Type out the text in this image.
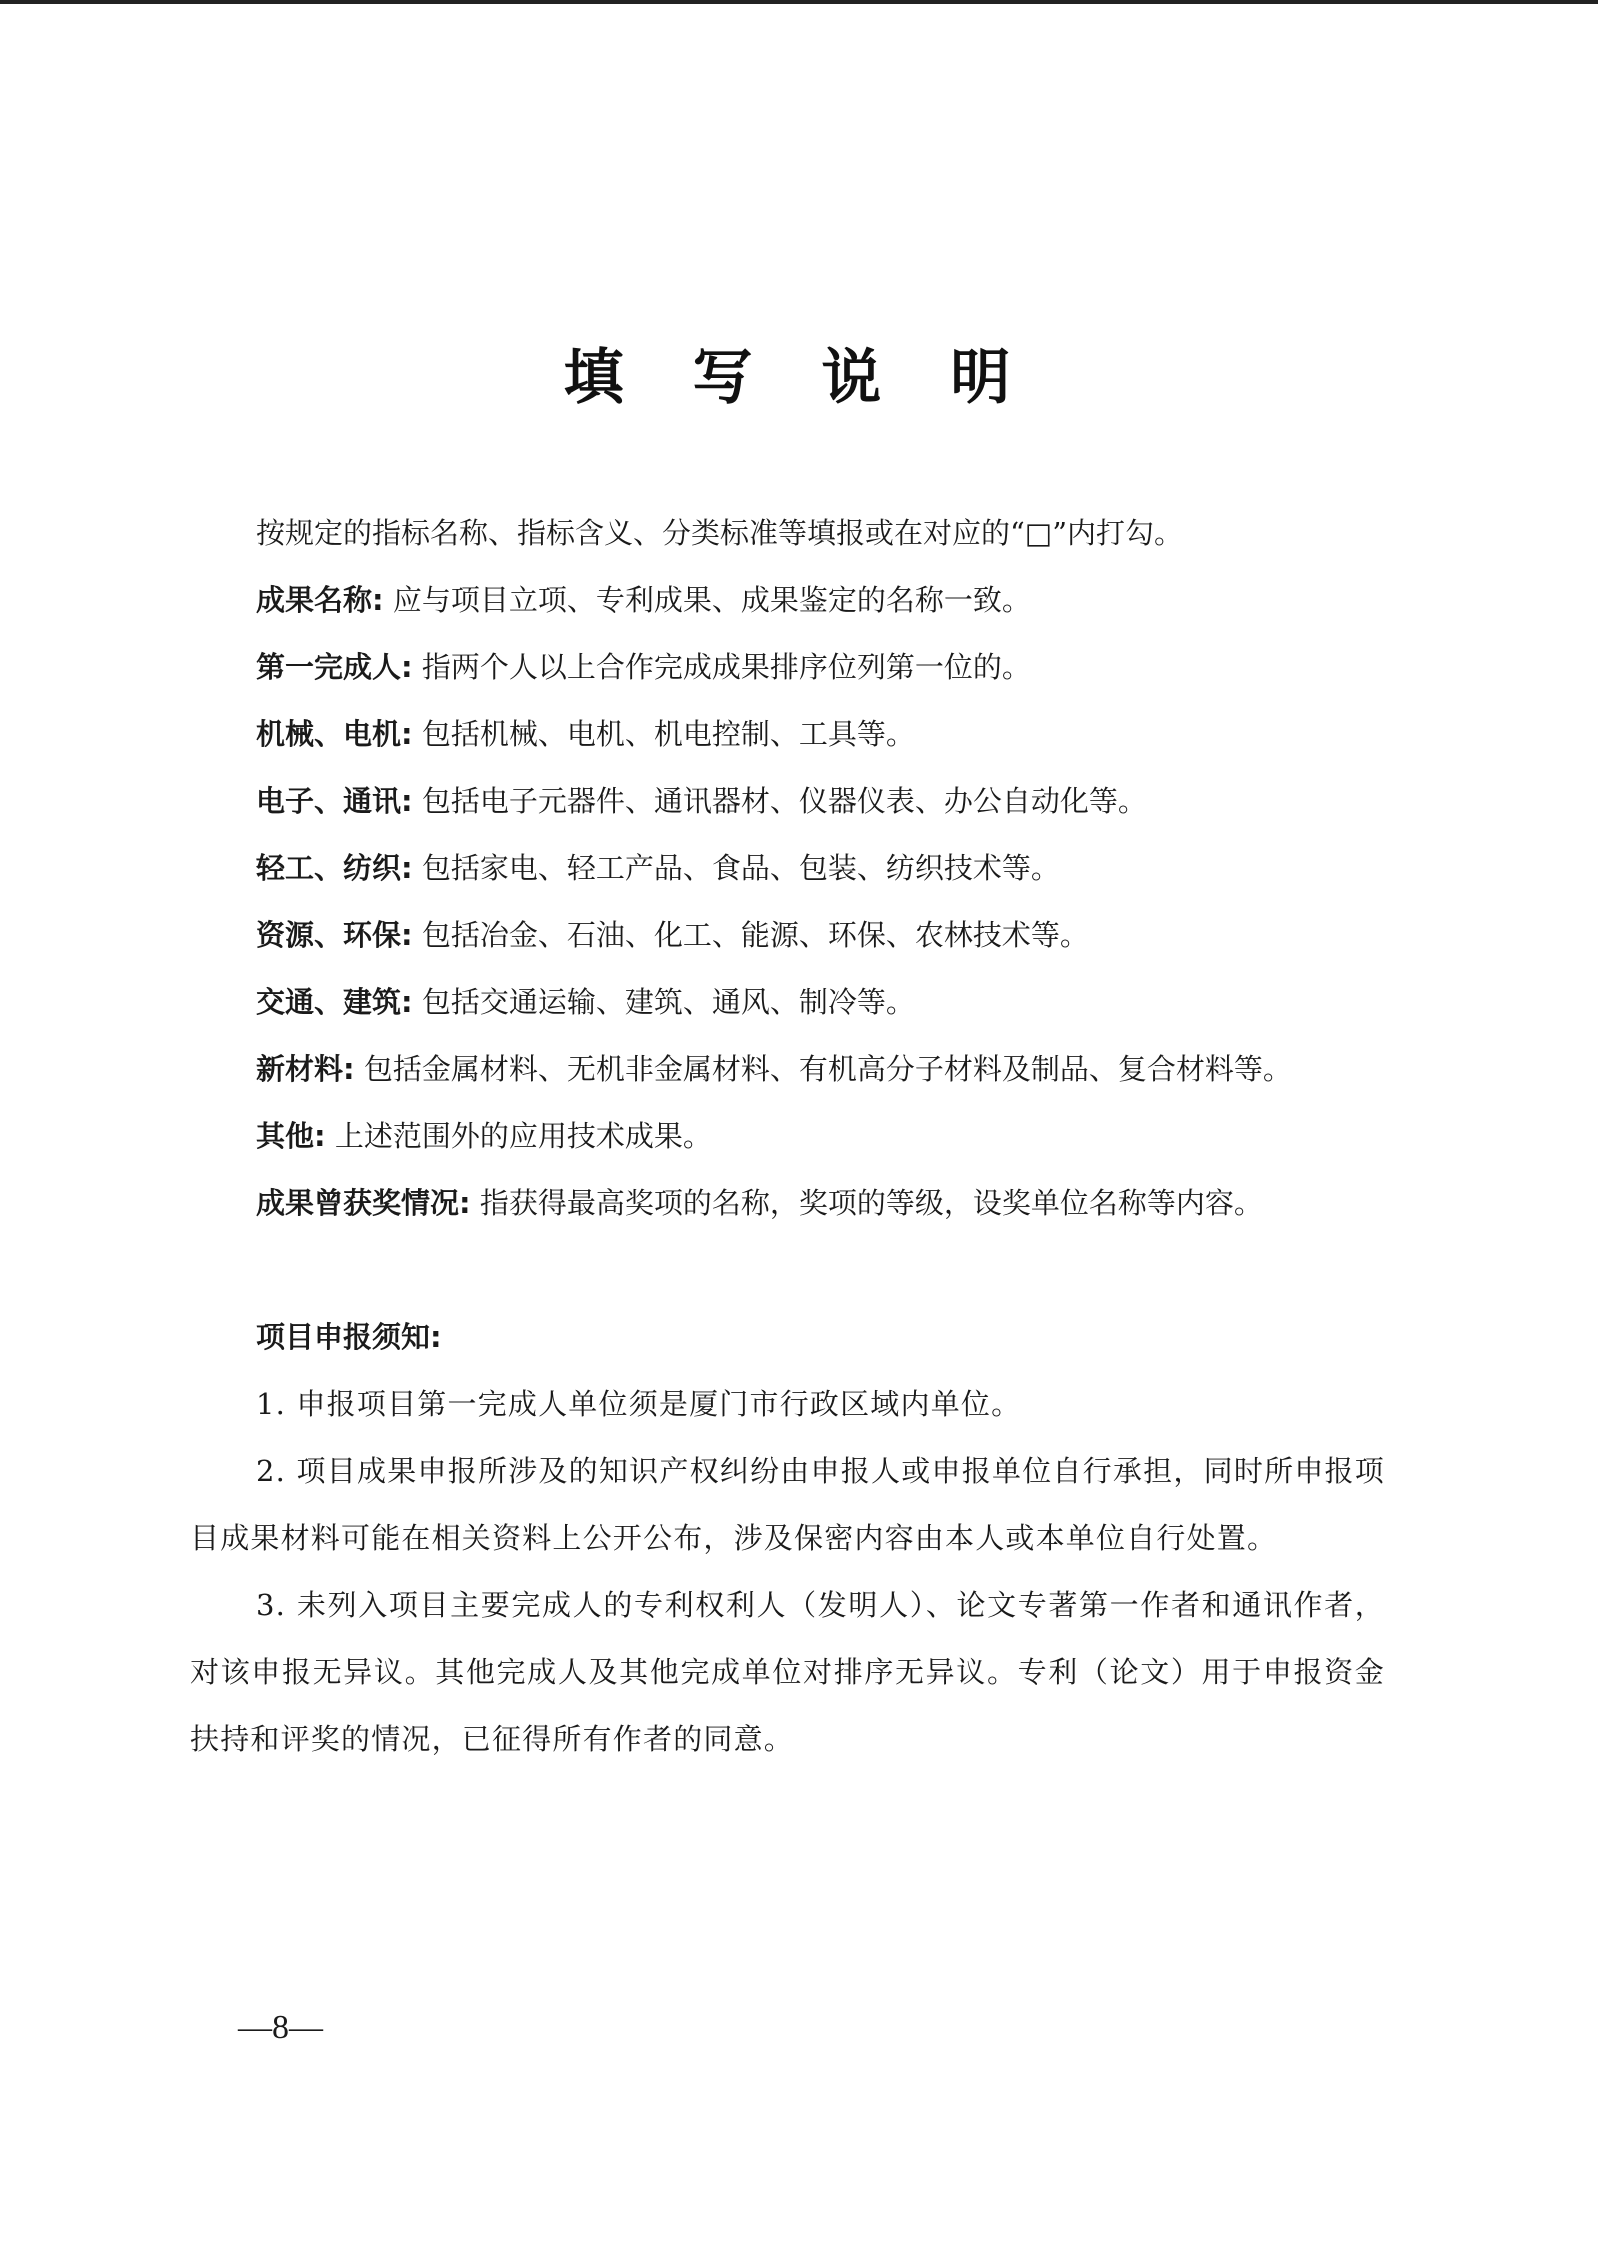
填 写 说 明

按规定的指标名称、指标含义、分类标准等填报或在对应的“□”内打勾。

成果名称: 应与项目立项、专利成果、成果鉴定的名称一致。

第一完成人: 指两个人以上合作完成成果排序位列第一位的。

机械、电机: 包括机械、电机、机电控制、工具等。

电子、通讯: 包括电子元器件、通讯器材、仪器仪表、办公自动化等。

轻工、纺织: 包括家电、轻工产品、食品、包装、纺织技术等。

资源、环保: 包括冶金、石油、化工、能源、环保、农林技术等。

交通、建筑: 包括交通运输、建筑、通风、制冷等。

新材料: 包括金属材料、无机非金属材料、有机高分子材料及制品、复合材料等。

其他: 上述范围外的应用技术成果。

成果曾获奖情况: 指获得最高奖项的名称，奖项的等级，设奖单位名称等内容。

项目申报须知:

1. 申报项目第一完成人单位须是厦门市行政区域内单位。

2. 项目成果申报所涉及的知识产权纠纷由申报人或申报单位自行承担，同时所申报项目成果材料可能在相关资料上公开公布，涉及保密内容由本人或本单位自行处置。

3. 未列入项目主要完成人的专利权利人（发明人）、论文专著第一作者和通讯作者，对该申报无异议。其他完成人及其他完成单位对排序无异议。专利（论文）用于申报资金扶持和评奖的情况，已征得所有作者的同意。

—8—
